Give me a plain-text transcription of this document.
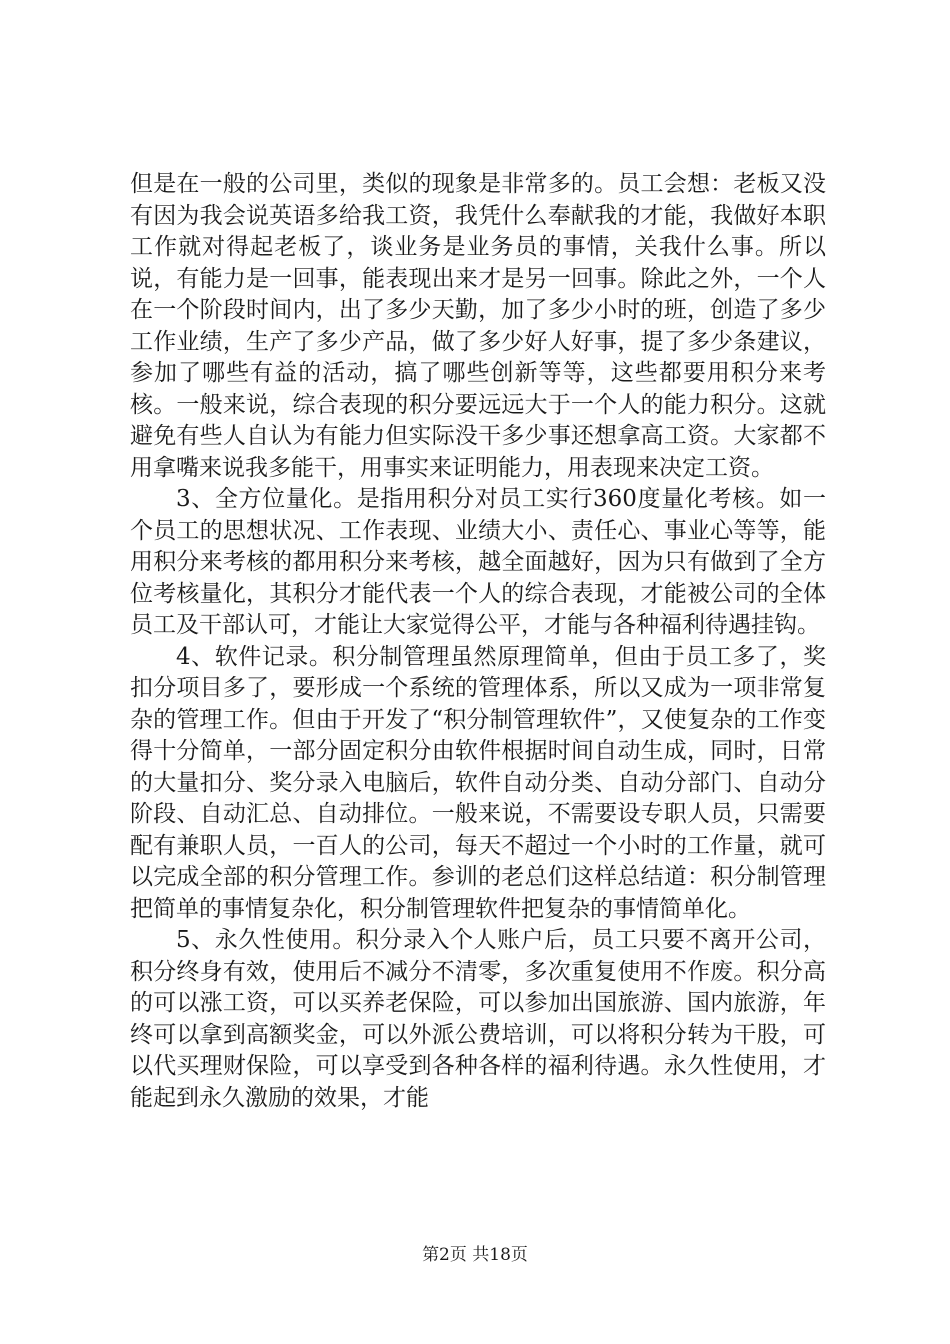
但是在一般的公司里，类似的现象是非常多的。员工会想：老板又没有因为我会说英语多给我工资，我凭什么奉献我的才能，我做好本职工作就对得起老板了，谈业务是业务员的事情，关我什么事。所以说，有能力是一回事，能表现出来才是另一回事。除此之外，一个人在一个阶段时间内，出了多少天勤，加了多少小时的班，创造了多少工作业绩，生产了多少产品，做了多少好人好事，提了多少条建议，参加了哪些有益的活动，搞了哪些创新等等，这些都要用积分来考核。一般来说，综合表现的积分要远远大于一个人的能力积分。这就避免有些人自认为有能力但实际没干多少事还想拿高工资。大家都不用拿嘴来说我多能干，用事实来证明能力，用表现来决定工资。

3、全方位量化。是指用积分对员工实行360度量化考核。如一个员工的思想状况、工作表现、业绩大小、责任心、事业心等等，能用积分来考核的都用积分来考核，越全面越好，因为只有做到了全方位考核量化，其积分才能代表一个人的综合表现，才能被公司的全体员工及干部认可，才能让大家觉得公平，才能与各种福利待遇挂钩。

4、软件记录。积分制管理虽然原理简单，但由于员工多了，奖扣分项目多了，要形成一个系统的管理体系，所以又成为一项非常复杂的管理工作。但由于开发了“积分制管理软件”，又使复杂的工作变得十分简单，一部分固定积分由软件根据时间自动生成，同时，日常的大量扣分、奖分录入电脑后，软件自动分类、自动分部门、自动分阶段、自动汇总、自动排位。一般来说，不需要设专职人员，只需要配有兼职人员，一百人的公司，每天不超过一个小时的工作量，就可以完成全部的积分管理工作。参训的老总们这样总结道：积分制管理把简单的事情复杂化，积分制管理软件把复杂的事情简单化。

5、永久性使用。积分录入个人账户后，员工只要不离开公司，积分终身有效，使用后不减分不清零，多次重复使用不作废。积分高的可以涨工资，可以买养老保险，可以参加出国旅游、国内旅游，年终可以拿到高额奖金，可以外派公费培训，可以将积分转为干股，可以代买理财保险，可以享受到各种各样的福利待遇。永久性使用，才能起到永久激励的效果，才能

第2页 共18页
